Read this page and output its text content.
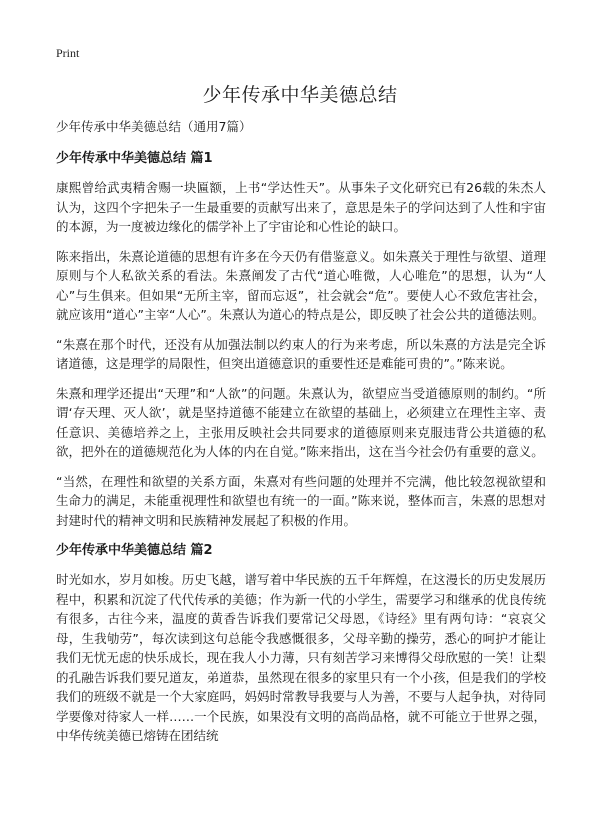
Print
少年传承中华美德总结

少年传承中华美德总结（通用7篇）

少年传承中华美德总结 篇1

康熙曾给武夷精舍赐一块匾额，上书“学达性天”。从事朱子文化研究已有26载的朱杰人认为，这四个字把朱子一生最重要的贡献写出来了，意思是朱子的学问达到了人性和宇宙的本源，为一度被边缘化的儒学补上了宇宙论和心性论的缺口。

陈来指出，朱熹论道德的思想有许多在今天仍有借鉴意义。如朱熹关于理性与欲望、道理原则与个人私欲关系的看法。朱熹阐发了古代“道心唯微，人心唯危”的思想，认为“人心”与生俱来。但如果“无所主宰，留而忘返”，社会就会“危”。要使人心不致危害社会，就应该用“道心”主宰“人心”。朱熹认为道心的特点是公，即反映了社会公共的道德法则。

“朱熹在那个时代，还没有从加强法制以约束人的行为来考虑，所以朱熹的方法是完全诉诸道德，这是理学的局限性，但突出道德意识的重要性还是难能可贵的”。”陈来说。

朱熹和理学还提出“天理”和“人欲”的问题。朱熹认为，欲望应当受道德原则的制约。“所谓‘存天理、灭人欲’，就是坚持道德不能建立在欲望的基础上，必须建立在理性主宰、责任意识、美德培养之上，主张用反映社会共同要求的道德原则来克服违背公共道德的私欲，把外在的道德规范化为人体的内在自觉。”陈来指出，这在当今社会仍有重要的意义。

“当然，在理性和欲望的关系方面，朱熹对有些问题的处理并不完满，他比较忽视欲望和生命力的满足，未能重视理性和欲望也有统一的一面。”陈来说，整体而言，朱熹的思想对封建时代的精神文明和民族精神发展起了积极的作用。

少年传承中华美德总结 篇2

时光如水，岁月如梭。历史飞越，谱写着中华民族的五千年辉煌，在这漫长的历史发展历程中，积累和沉淀了代代传承的美德；作为新一代的小学生，需要学习和继承的优良传统有很多，古往今来，温度的黄香告诉我们要常记父母恩，《诗经》里有两句诗：“哀哀父母，生我劬劳”，每次读到这句总能令我感慨很多，父母辛勤的操劳，悉心的呵护才能让我们无忧无虑的快乐成长，现在我人小力薄，只有刻苦学习来博得父母欣慰的一笑！让梨的孔融告诉我们要兄道友，弟道恭，虽然现在很多的家里只有一个小孩，但是我们的学校我们的班级不就是一个大家庭吗，妈妈时常教导我要与人为善，不要与人起争执，对待同学要像对待家人一样……一个民族，如果没有文明的高尚品格，就不可能立于世界之强，中华传统美德已熔铸在团结统
